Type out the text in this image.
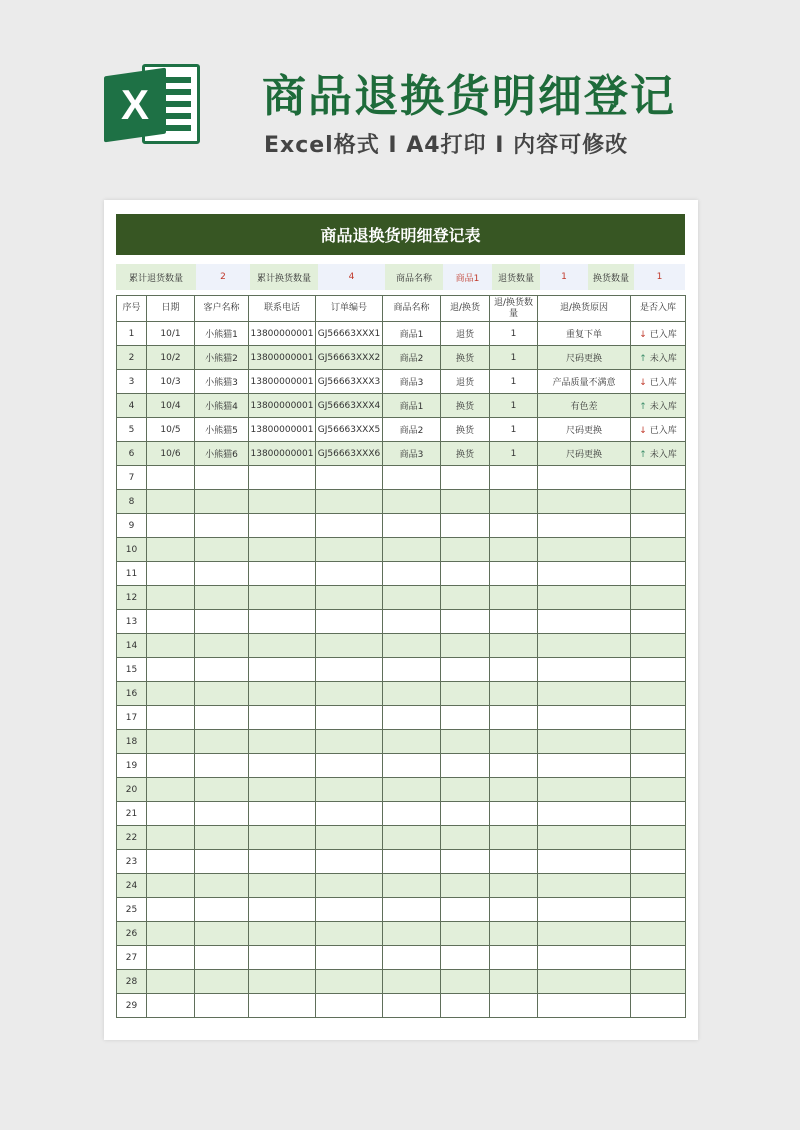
X	商品退换货明细登记
Excel格式 I A4打印 I 内容可修改
商品退换货明细登记表
累计退货数量	2	累计换货数量	4	商品名称	商品1	退货数量	1	换货数量	1
序号	日期	客户名称	联系电话	订单编号	商品名称	退/换货	退/换货数量	退/换货原因	是否入库
1	10/1	小熊猫1	13800000001	GJ56663XXX1	商品1	退货	1	重复下单	↓ 已入库
2	10/2	小熊猫2	13800000001	GJ56663XXX2	商品2	换货	1	尺码更换	↑ 未入库
3	10/3	小熊猫3	13800000001	GJ56663XXX3	商品3	退货	1	产品质量不满意	↓ 已入库
4	10/4	小熊猫4	13800000001	GJ56663XXX4	商品1	换货	1	有色差	↑ 未入库
5	10/5	小熊猫5	13800000001	GJ56663XXX5	商品2	换货	1	尺码更换	↓ 已入库
6	10/6	小熊猫6	13800000001	GJ56663XXX6	商品3	换货	1	尺码更换	↑ 未入库
7									
8									
9									
10									
11									
12									
13									
14									
15									
16									
17									
18									
19									
20									
21									
22									
23									
24									
25									
26									
27									
28									
29									
